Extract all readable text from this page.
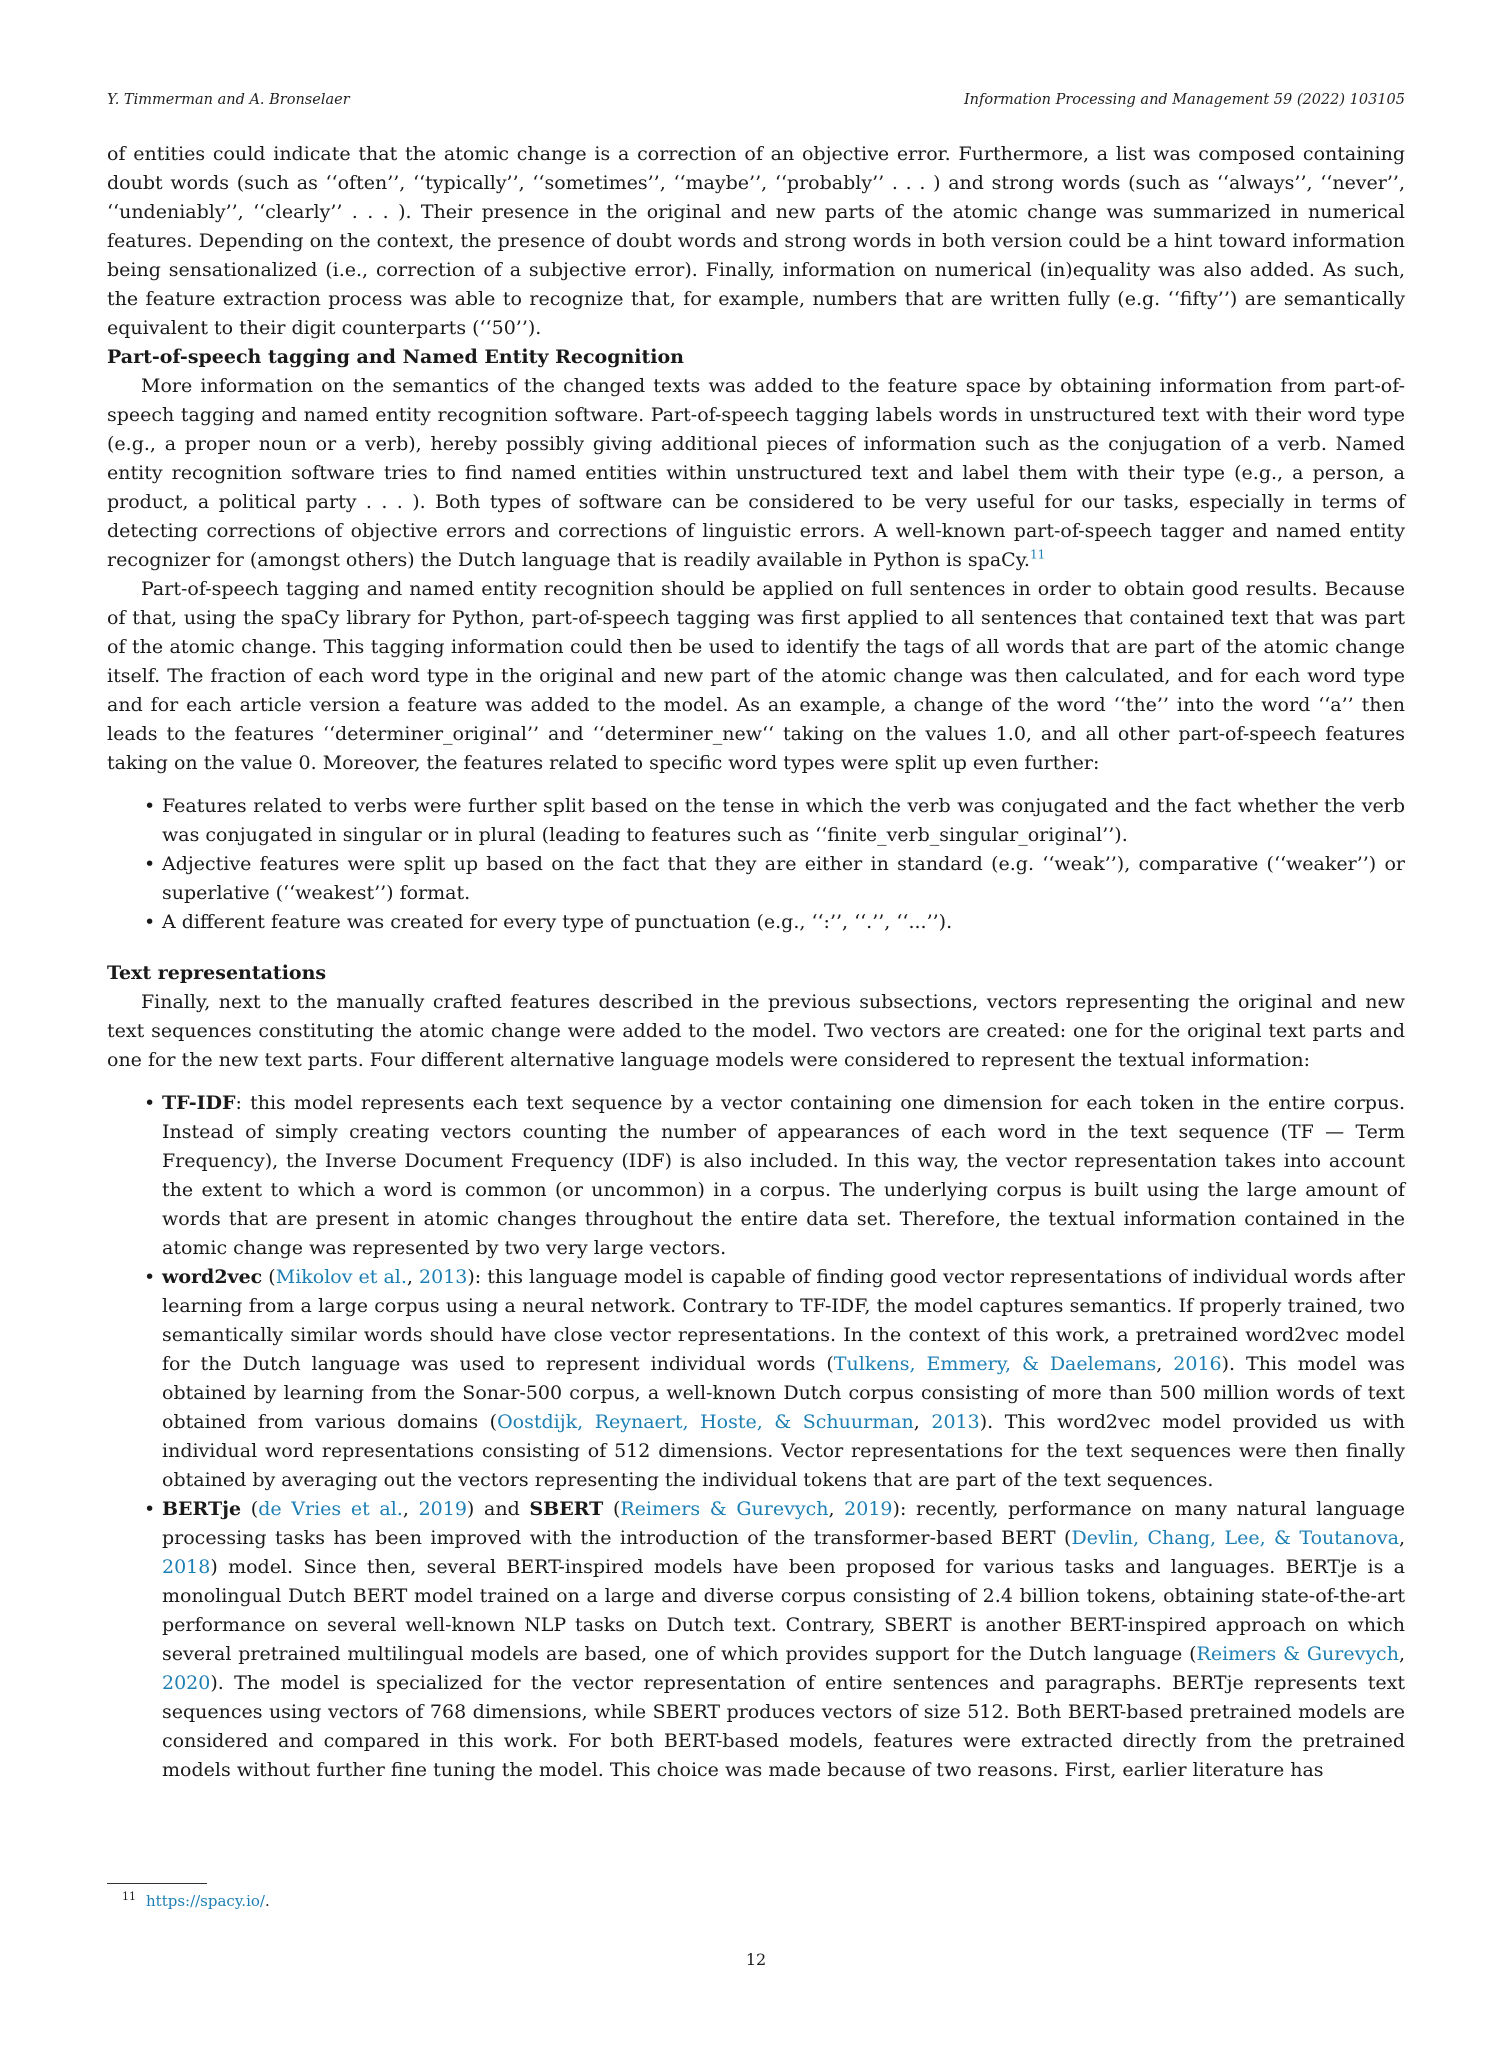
Y. Timmerman and A. Bronselaer	Information Processing and Management 59 (2022) 103105

of entities could indicate that the atomic change is a correction of an objective error. Furthermore, a list was composed containing doubt words (such as ‘‘often’’, ‘‘typically’’, ‘‘sometimes’’, ‘‘maybe’’, ‘‘probably’’ . . . ) and strong words (such as ‘‘always’’, ‘‘never’’, ‘‘undeniably’’, ‘‘clearly’’ . . . ). Their presence in the original and new parts of the atomic change was summarized in numerical features. Depending on the context, the presence of doubt words and strong words in both version could be a hint toward information being sensationalized (i.e., correction of a subjective error). Finally, information on numerical (in)equality was also added. As such, the feature extraction process was able to recognize that, for example, numbers that are written fully (e.g. ‘‘fifty’’) are semantically equivalent to their digit counterparts (‘‘50’’).

Part-of-speech tagging and Named Entity Recognition

More information on the semantics of the changed texts was added to the feature space by obtaining information from part-of-speech tagging and named entity recognition software. Part-of-speech tagging labels words in unstructured text with their word type (e.g., a proper noun or a verb), hereby possibly giving additional pieces of information such as the conjugation of a verb. Named entity recognition software tries to find named entities within unstructured text and label them with their type (e.g., a person, a product, a political party . . . ). Both types of software can be considered to be very useful for our tasks, especially in terms of detecting corrections of objective errors and corrections of linguistic errors. A well-known part-of-speech tagger and named entity recognizer for (amongst others) the Dutch language that is readily available in Python is spaCy.$^{11}$

Part-of-speech tagging and named entity recognition should be applied on full sentences in order to obtain good results. Because of that, using the spaCy library for Python, part-of-speech tagging was first applied to all sentences that contained text that was part of the atomic change. This tagging information could then be used to identify the tags of all words that are part of the atomic change itself. The fraction of each word type in the original and new part of the atomic change was then calculated, and for each word type and for each article version a feature was added to the model. As an example, a change of the word ‘‘the’’ into the word ‘‘a’’ then leads to the features ‘‘determiner_original’’ and ‘‘determiner_new‘‘ taking on the values 1.0, and all other part-of-speech features taking on the value 0. Moreover, the features related to specific word types were split up even further:

• Features related to verbs were further split based on the tense in which the verb was conjugated and the fact whether the verb was conjugated in singular or in plural (leading to features such as ‘‘finite_verb_singular_original’’).
• Adjective features were split up based on the fact that they are either in standard (e.g. ‘‘weak’’), comparative (‘‘weaker’’) or superlative (‘‘weakest’’) format.
• A different feature was created for every type of punctuation (e.g., ‘‘:’’, ‘‘.’’, ‘‘...’’).

Text representations

Finally, next to the manually crafted features described in the previous subsections, vectors representing the original and new text sequences constituting the atomic change were added to the model. Two vectors are created: one for the original text parts and one for the new text parts. Four different alternative language models were considered to represent the textual information:

• TF-IDF: this model represents each text sequence by a vector containing one dimension for each token in the entire corpus. Instead of simply creating vectors counting the number of appearances of each word in the text sequence (TF — Term Frequency), the Inverse Document Frequency (IDF) is also included. In this way, the vector representation takes into account the extent to which a word is common (or uncommon) in a corpus. The underlying corpus is built using the large amount of words that are present in atomic changes throughout the entire data set. Therefore, the textual information contained in the atomic change was represented by two very large vectors.
• word2vec (Mikolov et al., 2013): this language model is capable of finding good vector representations of individual words after learning from a large corpus using a neural network. Contrary to TF-IDF, the model captures semantics. If properly trained, two semantically similar words should have close vector representations. In the context of this work, a pretrained word2vec model for the Dutch language was used to represent individual words (Tulkens, Emmery, & Daelemans, 2016). This model was obtained by learning from the Sonar-500 corpus, a well-known Dutch corpus consisting of more than 500 million words of text obtained from various domains (Oostdijk, Reynaert, Hoste, & Schuurman, 2013). This word2vec model provided us with individual word representations consisting of 512 dimensions. Vector representations for the text sequences were then finally obtained by averaging out the vectors representing the individual tokens that are part of the text sequences.
• BERTje (de Vries et al., 2019) and SBERT (Reimers & Gurevych, 2019): recently, performance on many natural language processing tasks has been improved with the introduction of the transformer-based BERT (Devlin, Chang, Lee, & Toutanova, 2018) model. Since then, several BERT-inspired models have been proposed for various tasks and languages. BERTje is a monolingual Dutch BERT model trained on a large and diverse corpus consisting of 2.4 billion tokens, obtaining state-of-the-art performance on several well-known NLP tasks on Dutch text. Contrary, SBERT is another BERT-inspired approach on which several pretrained multilingual models are based, one of which provides support for the Dutch language (Reimers & Gurevych, 2020). The model is specialized for the vector representation of entire sentences and paragraphs. BERTje represents text sequences using vectors of 768 dimensions, while SBERT produces vectors of size 512. Both BERT-based pretrained models are considered and compared in this work. For both BERT-based models, features were extracted directly from the pretrained models without further fine tuning the model. This choice was made because of two reasons. First, earlier literature has
$^{11}$ https://spacy.io/.
12
